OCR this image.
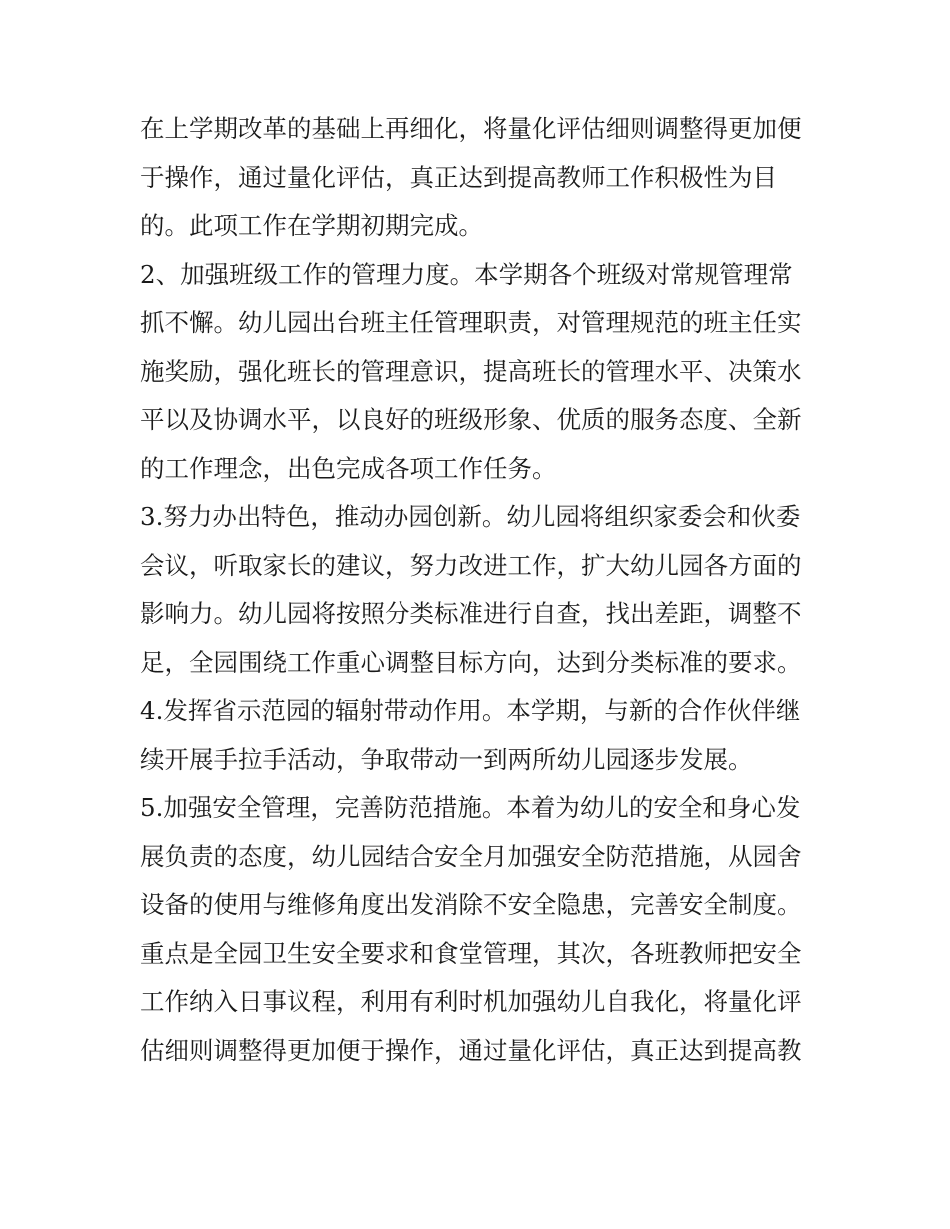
在上学期改革的基础上再细化，将量化评估细则调整得更加便
于操作，通过量化评估，真正达到提高教师工作积极性为目
的。此项工作在学期初期完成。
2、加强班级工作的管理力度。本学期各个班级对常规管理常
抓不懈。幼儿园出台班主任管理职责，对管理规范的班主任实
施奖励，强化班长的管理意识，提高班长的管理水平、决策水
平以及协调水平，以良好的班级形象、优质的服务态度、全新
的工作理念，出色完成各项工作任务。
3.努力办出特色，推动办园创新。幼儿园将组织家委会和伙委
会议，听取家长的建议，努力改进工作，扩大幼儿园各方面的
影响力。幼儿园将按照分类标准进行自查，找出差距，调整不
足，全园围绕工作重心调整目标方向，达到分类标准的要求。
4.发挥省示范园的辐射带动作用。本学期，与新的合作伙伴继
续开展手拉手活动，争取带动一到两所幼儿园逐步发展。
5.加强安全管理，完善防范措施。本着为幼儿的安全和身心发
展负责的态度，幼儿园结合安全月加强安全防范措施，从园舍
设备的使用与维修角度出发消除不安全隐患，完善安全制度。
重点是全园卫生安全要求和食堂管理，其次，各班教师把安全
工作纳入日事议程，利用有利时机加强幼儿自我化，将量化评
估细则调整得更加便于操作，通过量化评估，真正达到提高教
